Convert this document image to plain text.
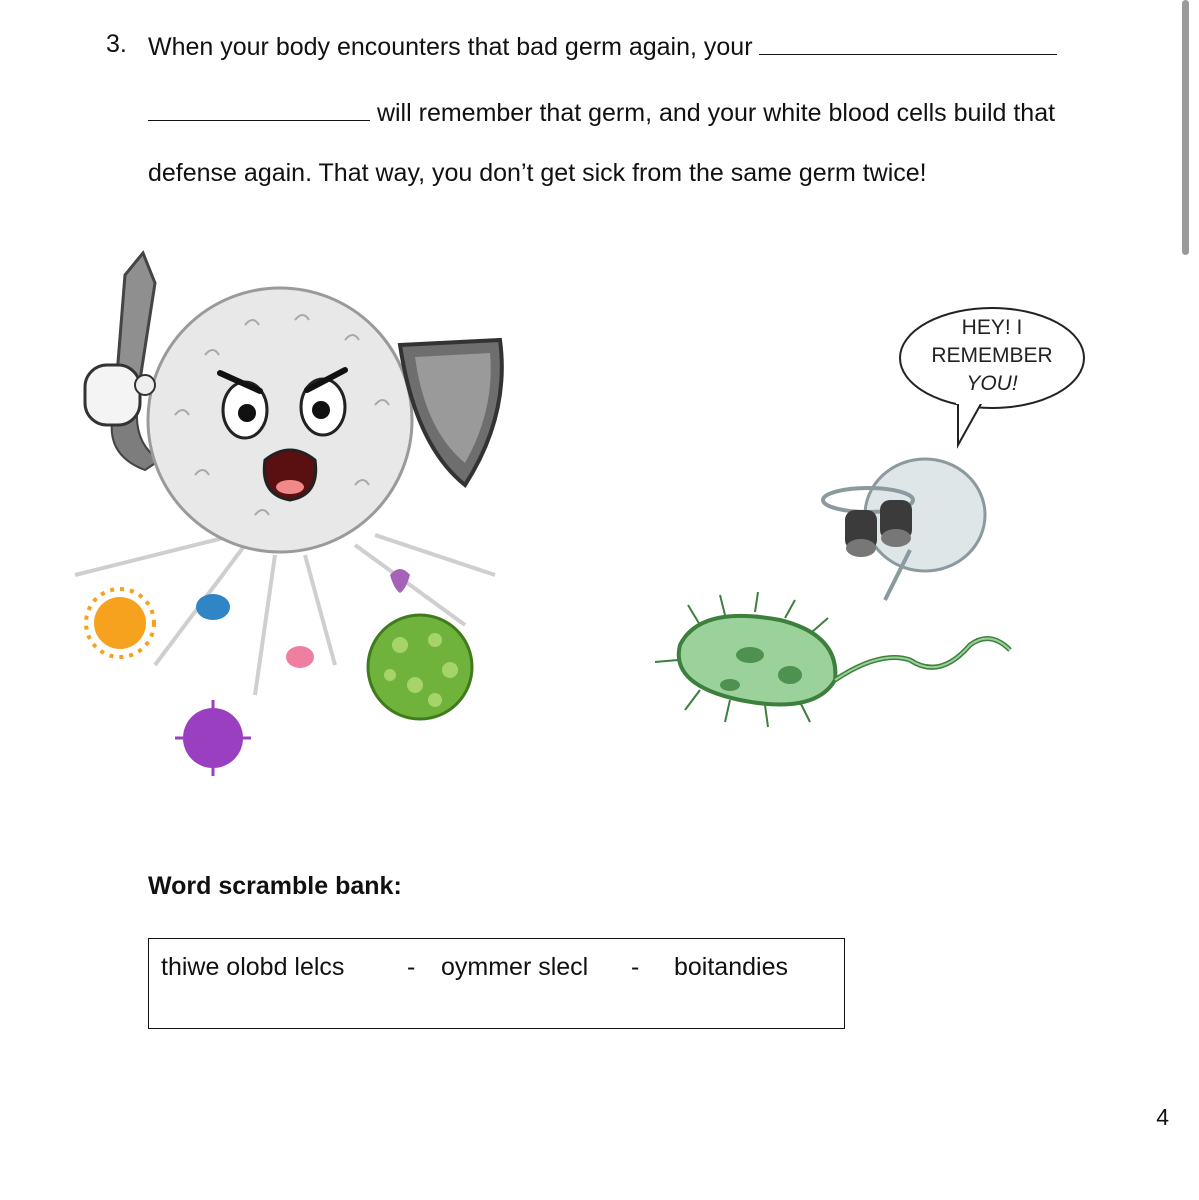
3. When your body encounters that bad germ again, your
will remember that germ, and your white blood cells build that
defense again. That way, you don’t get sick from the same germ twice!
HEY! I
REMEMBER
YOU!
Word scramble bank:
thiwe olobd lelcs	- oymmer slecl - boitandies
4
